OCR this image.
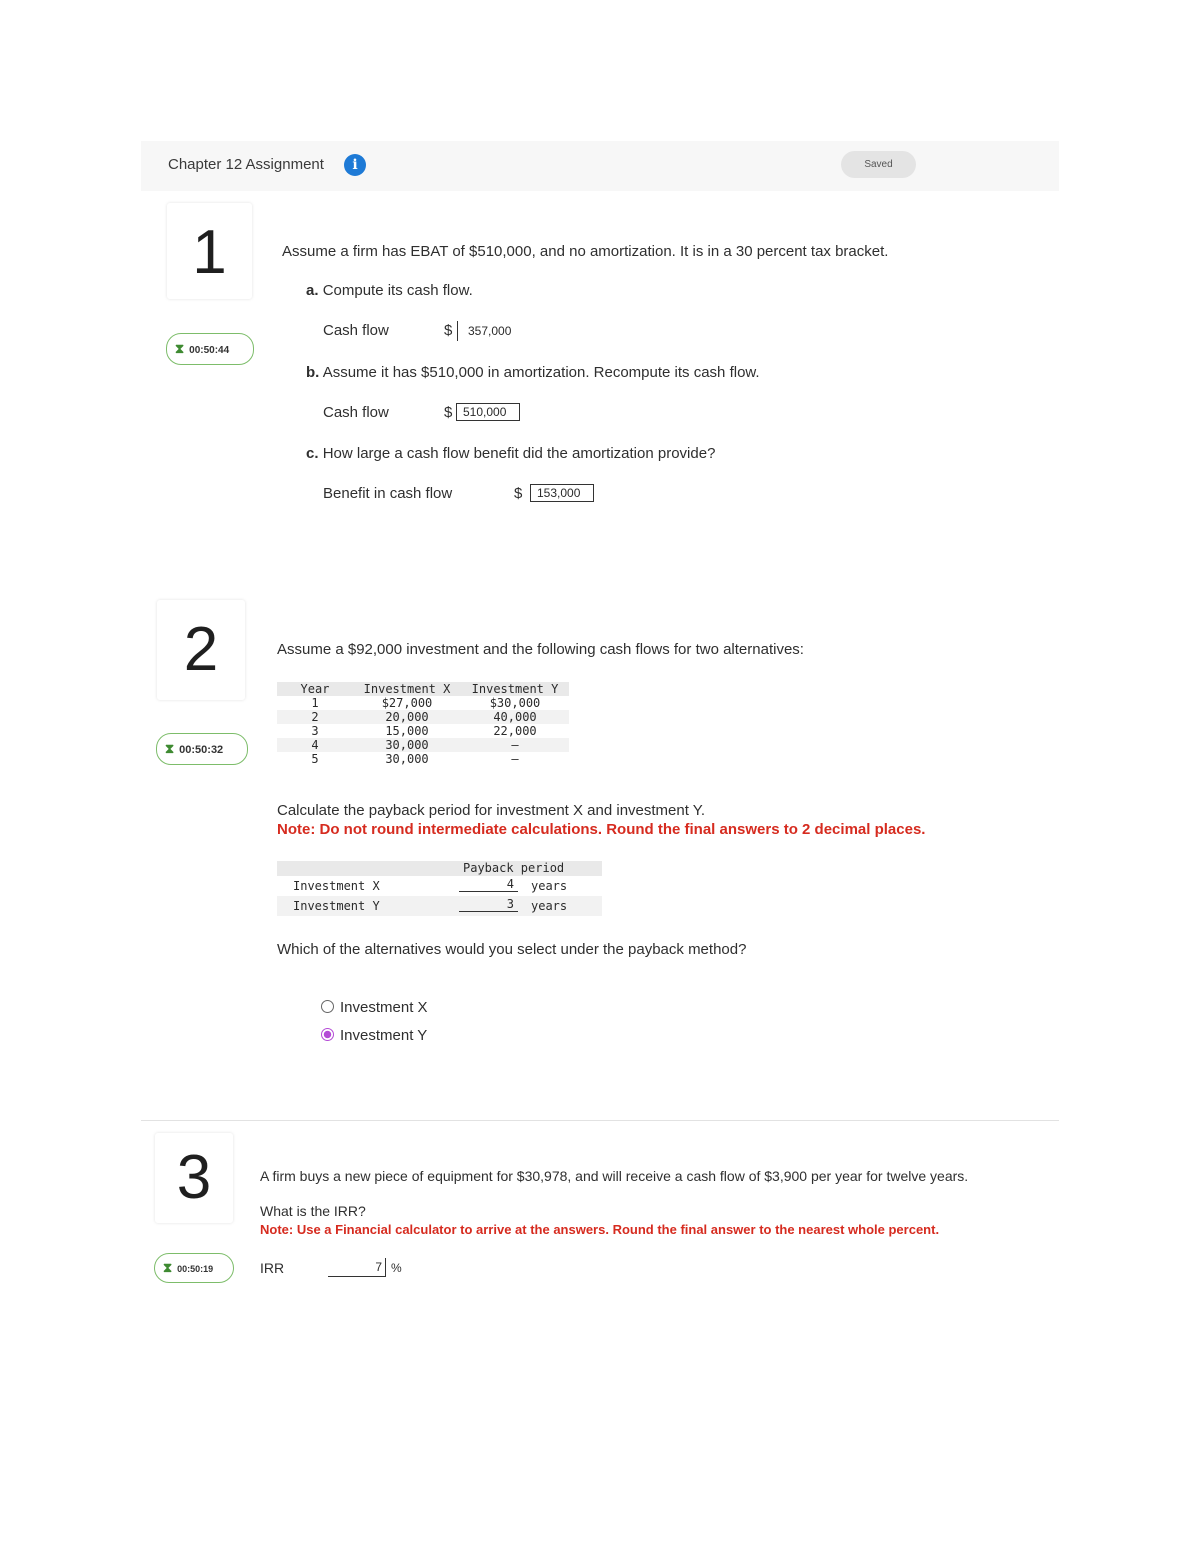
Chapter 12 Assignment	i	Saved
1
⧗ 00:50:44
Assume a firm has EBAT of $510,000, and no amortization. It is in a 30 percent tax bracket.
a. Compute its cash flow.
Cash flow	$	357,000
b. Assume it has $510,000 in amortization. Recompute its cash flow.
Cash flow	$ 510,000
c. How large a cash flow benefit did the amortization provide?
Benefit in cash flow	$	153,000
2
⧗ 00:50:32
Assume a $92,000 investment and the following cash flows for two alternatives:
Year	Investment X	Investment Y
1	$27,000	$30,000
2	20,000	40,000
3	15,000	22,000
4	30,000	—
5	30,000	—
Calculate the payback period for investment X and investment Y.
Note: Do not round intermediate calculations. Round the final answers to 2 decimal places.
Payback period
Investment X	4	years
Investment Y	3	years
Which of the alternatives would you select under the payback method?
Investment X
Investment Y
3
⧗ 00:50:19
A firm buys a new piece of equipment for $30,978, and will receive a cash flow of $3,900 per year for twelve years.
What is the IRR?
Note: Use a Financial calculator to arrive at the answers. Round the final answer to the nearest whole percent.
IRR	7 %
